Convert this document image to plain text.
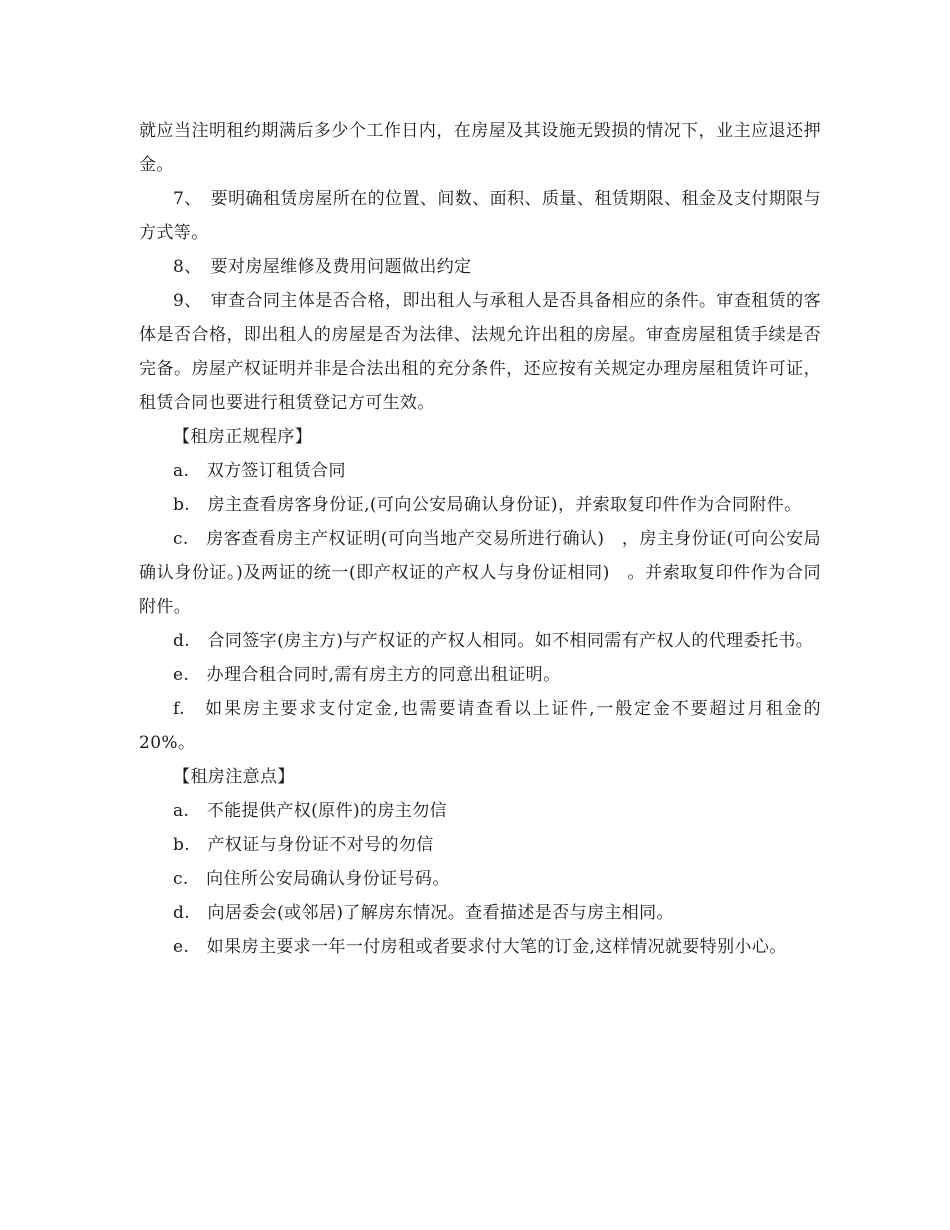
就应当注明租约期满后多少个工作日内，在房屋及其设施无毁损的情况下，业主应退还押金。

7、　要明确租赁房屋所在的位置、间数、面积、质量、租赁期限、租金及支付期限与方式等。

8、　要对房屋维修及费用问题做出约定

9、　审查合同主体是否合格，即出租人与承租人是否具备相应的条件。审查租赁的客体是否合格，即出租人的房屋是否为法律、法规允许出租的房屋。审查房屋租赁手续是否完备。房屋产权证明并非是合法出租的充分条件，还应按有关规定办理房屋租赁许可证，租赁合同也要进行租赁登记方可生效。

【租房正规程序】

a.　双方签订租赁合同

b.　房主查看房客身份证,(可向公安局确认身份证)，并索取复印件作为合同附件。

c.　房客查看房主产权证明(可向当地产交易所进行确认)　，房主身份证(可向公安局确认身份证。)及两证的统一(即产权证的产权人与身份证相同)　。并索取复印件作为合同附件。

d.　合同签字(房主方)与产权证的产权人相同。如不相同需有产权人的代理委托书。

e.　办理合租合同时,需有房主方的同意出租证明。

f.　如果房主要求支付定金,也需要请查看以上证件,一般定金不要超过月租金的 20%。

【租房注意点】

a.　不能提供产权(原件)的房主勿信

b.　产权证与身份证不对号的勿信

c.　向住所公安局确认身份证号码。

d.　向居委会(或邻居)了解房东情况。查看描述是否与房主相同。

e.　如果房主要求一年一付房租或者要求付大笔的订金,这样情况就要特别小心。
